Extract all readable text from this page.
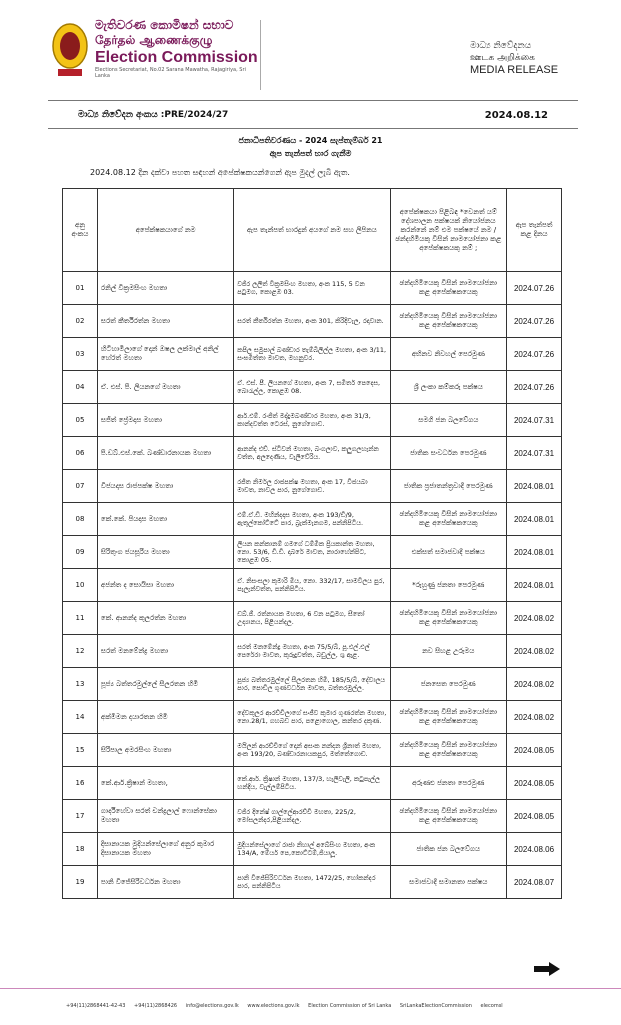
මැතිවරණ කොමිෂන් සභාව
தேர்தல் ஆணைக்குழு
Election Commission
Elections Secretariat, No.02 Sarana Mawatha, Rajagiriya, Sri Lanka
මාධ්‍ය නිවේදනය
ஊடக அறிக்கை
MEDIA RELEASE
මාධ්‍ය නිවේදන අංකය :PRE/2024/27	2024.08.12
ජනාධිපතිවරණය - 2024 සැප්තැම්බර් 21
ඇප තැන්පත් භාර ගැනීම
2024.08.12 දින දක්වා පහත සඳහන් අපේක්ෂකයන්ගෙන් ඇප මුදල් ලැබී ඇත.
අනු අංකය	අපේක්ෂකයාගේ නම	ඇප තැන්පත් භාරදුන් අයගේ නම සහ ලිපිනය	අපේක්ෂකයා පිළිබඳ *වෙනත් යම් දේශපාලන පක්ෂයක් නියෝජනය කරන්නේ නම් එම පක්ෂයේ නම / ඡන්දහිමියකු විසින් නාමයෝජනා කළ අපේක්ෂකයකු නම් ;	ඇප තැන්පත් කළ දිනය
01	රනිල් වික්‍රමසිංහ මහතා	වජිර ලලිත් වික්‍රමසිංහ මහතා, අංක 115, 5 වන පටුමග, කොළඹ 03.	ඡන්දහිමියෙකු විසින් නාමයෝජනා කළ අපේක්ෂකයෙකු	2024.07.26
02	සරත් කීර්තිරත්න මහතා	සරත් කීර්තිරත්න මහතා, අංක 301, කිරිදිවැල, රදාවාන.	ඡන්දහිමියෙකු විසින් නාමයෝජනා කළ අපේක්ෂකයෙකු	2024.07.26
03	හිටිහාමිලාගේ දොන් ඔෂල ලක්මාල් අනිල් හේරත් මහතා	කපිල සමුපාල් බණ්ඩාර තැම්බිලිල්ල මහතා, අංක 3/11, සංඝමිත්තා මාවත, මහනුවර.	අභිනව නිවහල් පෙරමුණ	2024.07.26
04	ඒ. එස්. පී. ලියනගේ මහතා	ඒ. එස්. පී. ලියනගේ මහතා, අංක 7, සමිතර් පෙදෙස, බොරැල්ල, කොළඹ 08.	ශ්‍රී ලංකා කම්කරු පක්ෂය	2024.07.26
05	සජිත් ප්‍රේමදාස මහතා	ආර්.එම්. රංජිත් මද්දුමබණ්ඩාර මහතා, අංක 31/3, කාන්දවත්ත ටෙරස්, නුගේගොඩ.	සමගි ජන බලවේගය	2024.07.31
06	පී.ඩබ්.එස්.කේ. බණ්ඩාරනායක මහතා	ආනන්ද එච්. ස්ටීවන් මහතා, බංගලාව, කලුගලහැන්න වත්ත, අලදෙණිය, වැලිවේරිය.	ජාතික සංවර්ධන පෙරමුණ	2024.07.31
07	විජයදාස රාජපක්ෂ මහතා	රජිත නිර්මල රාජපක්ෂ මහතා, අංක 17, විජයබා මාවත, නාවල පාර, නුගේගොඩ.	ජාතික ප්‍රජාතන්ත්‍රවාදී පෙරමුණ	2024.08.01
08	කේ.කේ. පියදාස මහතා	එම්.ඒ.ඩී. මහින්දදාස මහතා, අංක 193/ඩී/9, ඇතුල්කෝට්ටේ පාර, බ්‍රැක්මැනගම, පන්නිපිටිය.	ඡන්දහිමියෙකු විසින් නාමයෝජනා කළ අපේක්ෂකයෙකු	2024.08.01
09	සිරිතුංග ජයසූරිය මහතා	ලියන කන්කානම් ගමගේ ධම්මික ප්‍රියකාන්ත මහතා, නො. 53/6, ඩී.ඩී. දාබරේ මාවත, නාරාහේන්පිට, කොළඹ 05.	එක්සත් සමාජවාදී පක්ෂය	2024.08.01
10	අජන්ත ද සොයිසා මහතා	ඒ. නිසංසලා කුමාරි මිය, නො. 332/17, සාමවිලය පුර, පැලැන්වත්ත, පන්නිපිටිය.	*රුහුණු ජනතා පෙරමුණ	2024.08.01
11	කේ. ආනන්ද කුලරත්න මහතා	ඩබ්.ජී. රත්නායක මහතා, 6 වන පටුමග, සීතෝ උද්‍යානය, පිළියන්දල.	ඡන්දහිමියෙකු විසින් නාමයෝජනා කළ අපේක්ෂකයෙකු	2024.08.02
12	සරත් මනමේන්ද්‍ර මහතා	සරත් මනමේන්ද්‍ර මහතා, අංක 75/5/බී, පූ.එල්.එල් පෙරේරා මාවත, කුරුදුවත්ත, බඩුල්ල, ශ‍්‍ර ඇළ.	නව සිහළ උරුමය	2024.08.02
13	පූජ්‍ය බත්තරමුල්ලේ සීලරතන හිමි	පූජ්‍ය බත්තරමුල්ලේ සීලරතන හිමි, 185/5/බී, දේවාලය පාර, පොඩිල ගුණවර්ධන මාවත, බත්තරමුල්ල.	ජනසෙත පෙරමුණ	2024.08.02
14	අක්මීමන දයාරතන හිමි	දේවකුලර ආරච්චිලාගේ සංජීව කුමාර ගුණරත්න මහතා, නො.28/1, ගහබඩ පාර, පළොගොල, කන්තර දකුණ.	ඡන්දහිමියෙකු විසින් නාමයෝජනා කළ අපේක්ෂකයෙකු	2024.08.02
15	සිරිපාල අමරසිංහ මහතා	මයිලන් ආරච්චිගේ දොන් අසංක නන්දන ශ්‍රීනාත් මහතා, අංක 193/20, බණ්ඩාරනායකපුර, මත්තේගොඩ.	ඡන්දහිමියෙකු විසින් නාමයෝජනා කළ අපේක්ෂකයෙකු	2024.08.05
16	කේ.ආර්.ක්‍රිෂාන් මහතා,	කේ.ආර්. ක්‍රිෂාන් මහතා, 137/3, හැලිවැලි, කටුපැල්ල හන්දිය, වැල්ලම්පිටිය.	අරුණළු ජනතා පෙරමුණ	2024.08.05
17	ගාර්දිහේවා සරත් චන්ද්‍රලාල් ෆොන්සේකා මහතා	වජිර දිනේෂ් ගාල්ලේආරච්චි මහතා, 225/2, මෝසලන්දර,පිළියන්දල.	ඡන්දහිමියෙකු විසින් නාමයෝජනා කළ අපේක්ෂකයෙකු	2024.08.05
18	දිසානායක මුදියන්සේලාගේ අනුර කුමාර දිසානායක මහතා	මුදියන්සේලාගේ රාජා නිහාල් අබේසිංහ මහතා, අංක 134/A, මේයර් පෙ,කොට්ටම්,ජියාලූ.	ජාතික ජන බලවේගය	2024.08.06
19	පානි විජේසිරිවර්ධන මහතා	පානි විජේසිරිවර්ධන මහතා, 1472/25, හෝකන්දර පාර, පන්නිපිටිය	සමාජවාදී සමානතා පක්ෂය	2024.08.07
+94(11)2868441-42-43 +94(11)2868426 info@elections.gov.lk www.elections.gov.lk Election Commission of Sri Lanka SriLankaElectionCommission elecomsl
